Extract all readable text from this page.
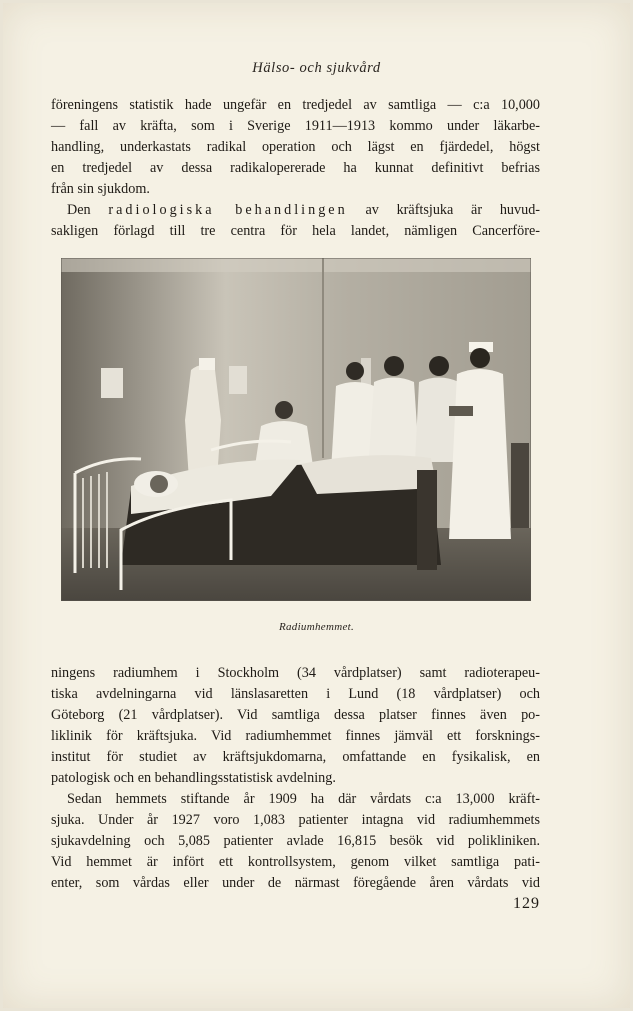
Hälso- och sjukvård
föreningens statistik hade ungefär en tredjedel av samtliga — c:a 10,000
— fall av kräfta, som i Sverige 1911—1913 kommo under läkarbe-
handling, underkastats radikal operation och lägst en fjärdedel, högst
en tredjedel av dessa radikalopererade ha kunnat definitivt befrias
från sin sjukdom.
Den radiologiska behandlingen av kräftsjuka är huvud-
sakligen förlagd till tre centra för hela landet, nämligen Cancerföre-
Radiumhemmet.
ningens radiumhem i Stockholm (34 vårdplatser) samt radioterapeu-
tiska avdelningarna vid länslasaretten i Lund (18 vårdplatser) och
Göteborg (21 vårdplatser). Vid samtliga dessa platser finnes även po-
liklinik för kräftsjuka. Vid radiumhemmet finnes jämväl ett forsknings-
institut för studiet av kräftsjukdomarna, omfattande en fysikalisk, en
patologisk och en behandlingsstatistisk avdelning.
Sedan hemmets stiftande år 1909 ha där vårdats c:a 13,000 kräft-
sjuka. Under år 1927 voro 1,083 patienter intagna vid radiumhemmets
sjukavdelning och 5,085 patienter avlade 16,815 besök vid polikliniken.
Vid hemmet är infört ett kontrollsystem, genom vilket samtliga pati-
enter, som vårdas eller under de närmast föregående åren vårdats vid
129
